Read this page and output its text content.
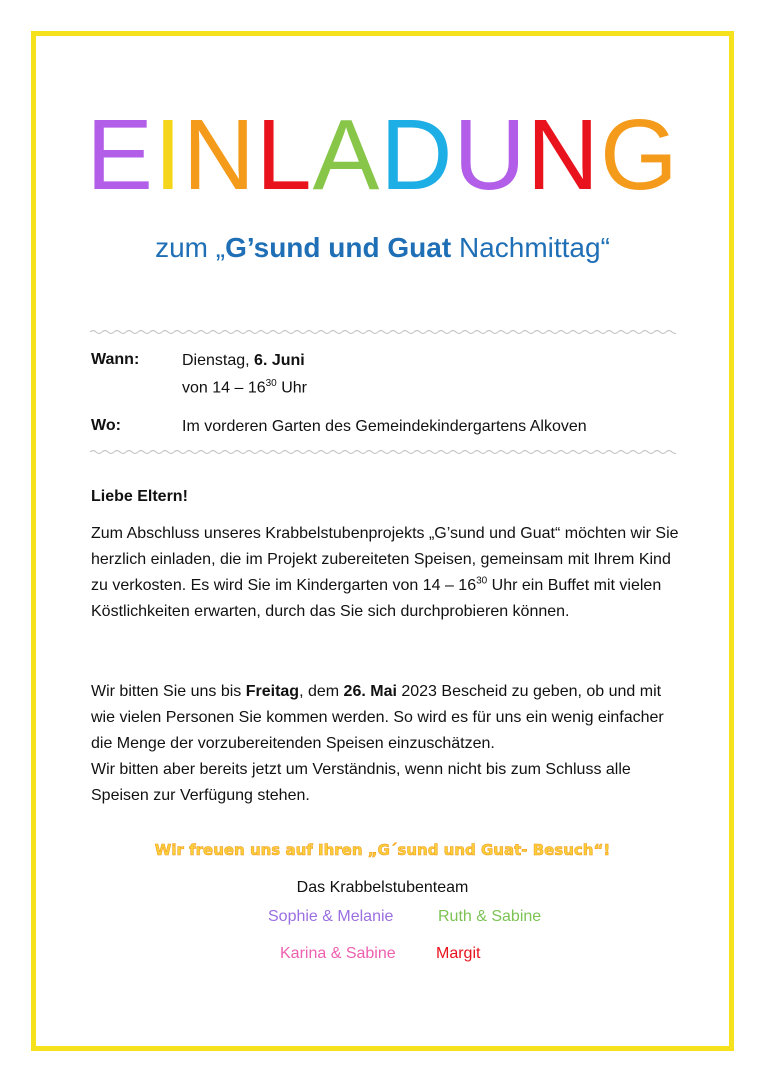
EINLADUNG
zum „G’sund und Guat Nachmittag“
Wann:	Dienstag, 6. Juni
von $14 - 16^{30}$ Uhr
Wo:	Im vorderen Garten des Gemeindekindergartens Alkoven
Liebe Eltern!

Zum Abschluss unseres Krabbelstubenprojekts „G’sund und Guat“ möchten wir Sie herzlich einladen, die im Projekt zubereiteten Speisen, gemeinsam mit Ihrem Kind zu verkosten. Es wird Sie im Kindergarten von $14 - 16^{30}$ Uhr ein Buffet mit vielen Köstlichkeiten erwarten, durch das Sie sich durchprobieren können.

Wir bitten Sie uns bis Freitag, dem 26. Mai 2023 Bescheid zu geben, ob und mit wie vielen Personen Sie kommen werden. So wird es für uns ein wenig einfacher die Menge der vorzubereitenden Speisen einzuschätzen.

Wir bitten aber bereits jetzt um Verständnis, wenn nicht bis zum Schluss alle Speisen zur Verfügung stehen.

Wir freuen uns auf Ihren „G´sund und Guat- Besuch“!
Das Krabbelstubenteam
Sophie & Melanie	Ruth & Sabine
Karina & Sabine	Margit
